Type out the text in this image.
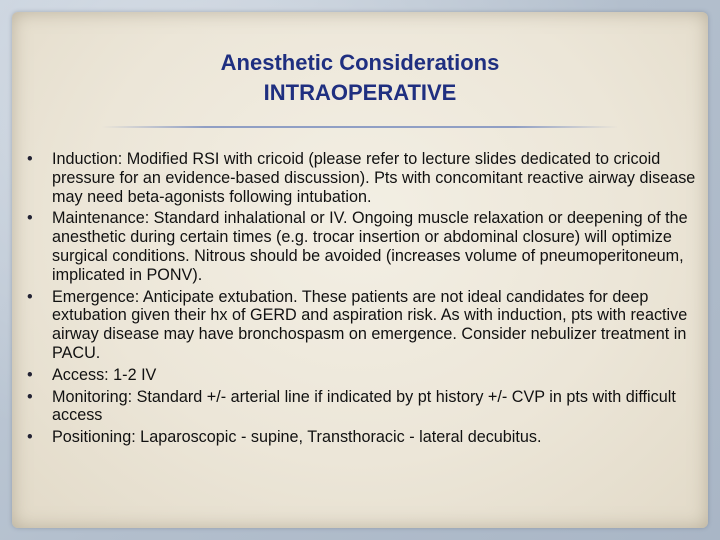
Anesthetic Considerations
INTRAOPERATIVE
• Induction: Modified RSI with cricoid (please refer to lecture slides dedicated to cricoid pressure for an evidence-based discussion). Pts with concomitant reactive airway disease may need beta-agonists following intubation.
• Maintenance: Standard inhalational or IV. Ongoing muscle relaxation or deepening of the anesthetic during certain times (e.g. trocar insertion or abdominal closure) will optimize surgical conditions. Nitrous should be avoided (increases volume of pneumoperitoneum, implicated in PONV).
• Emergence: Anticipate extubation. These patients are not ideal candidates for deep extubation given their hx of GERD and aspiration risk. As with induction, pts with reactive airway disease may have bronchospasm on emergence. Consider nebulizer treatment in PACU.
• Access: 1-2 IV
• Monitoring: Standard +/- arterial line if indicated by pt history +/- CVP in pts with difficult access
• Positioning: Laparoscopic - supine, Transthoracic - lateral decubitus.
